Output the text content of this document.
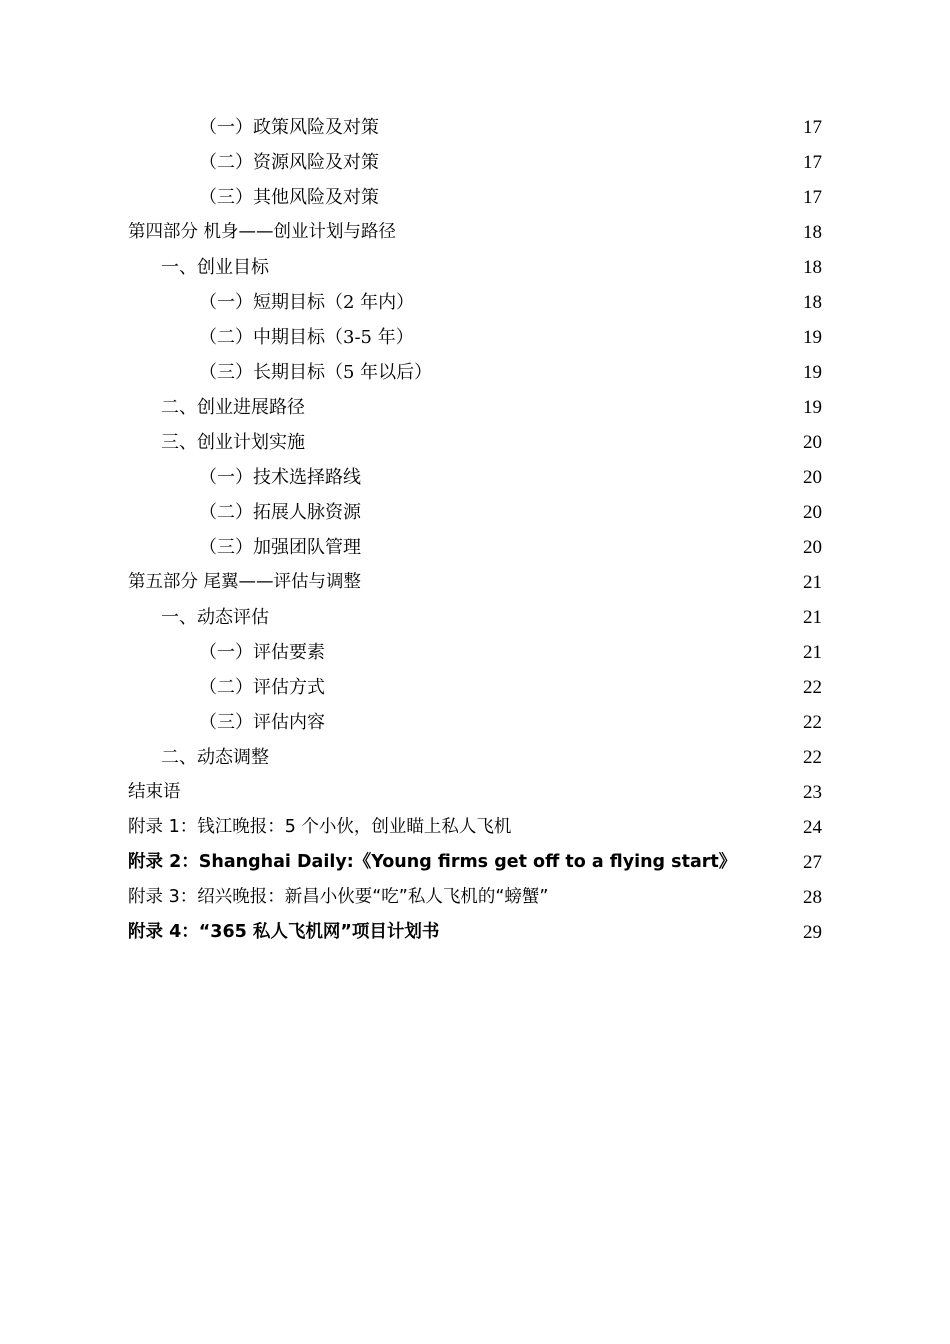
（一）政策风险及对策	17
（二）资源风险及对策	17
（三）其他风险及对策	17
第四部分 机身——创业计划与路径	18
一、创业目标	18
（一）短期目标（2 年内）	18
（二）中期目标（3-5 年）	19
（三）长期目标（5 年以后）	19
二、创业进展路径	19
三、创业计划实施	20
（一）技术选择路线	20
（二）拓展人脉资源	20
（三）加强团队管理	20
第五部分 尾翼——评估与调整	21
一、动态评估	21
（一）评估要素	21
（二）评估方式	22
（三）评估内容	22
二、动态调整	22
结束语	23
附录 1：钱江晚报：5 个小伙，创业瞄上私人飞机	24
附录 2：Shanghai Daily:《Young firms get off to a flying start》	27
附录 3：绍兴晚报：新昌小伙要“吃”私人飞机的“螃蟹”	28
附录 4：“365 私人飞机网”项目计划书	29
